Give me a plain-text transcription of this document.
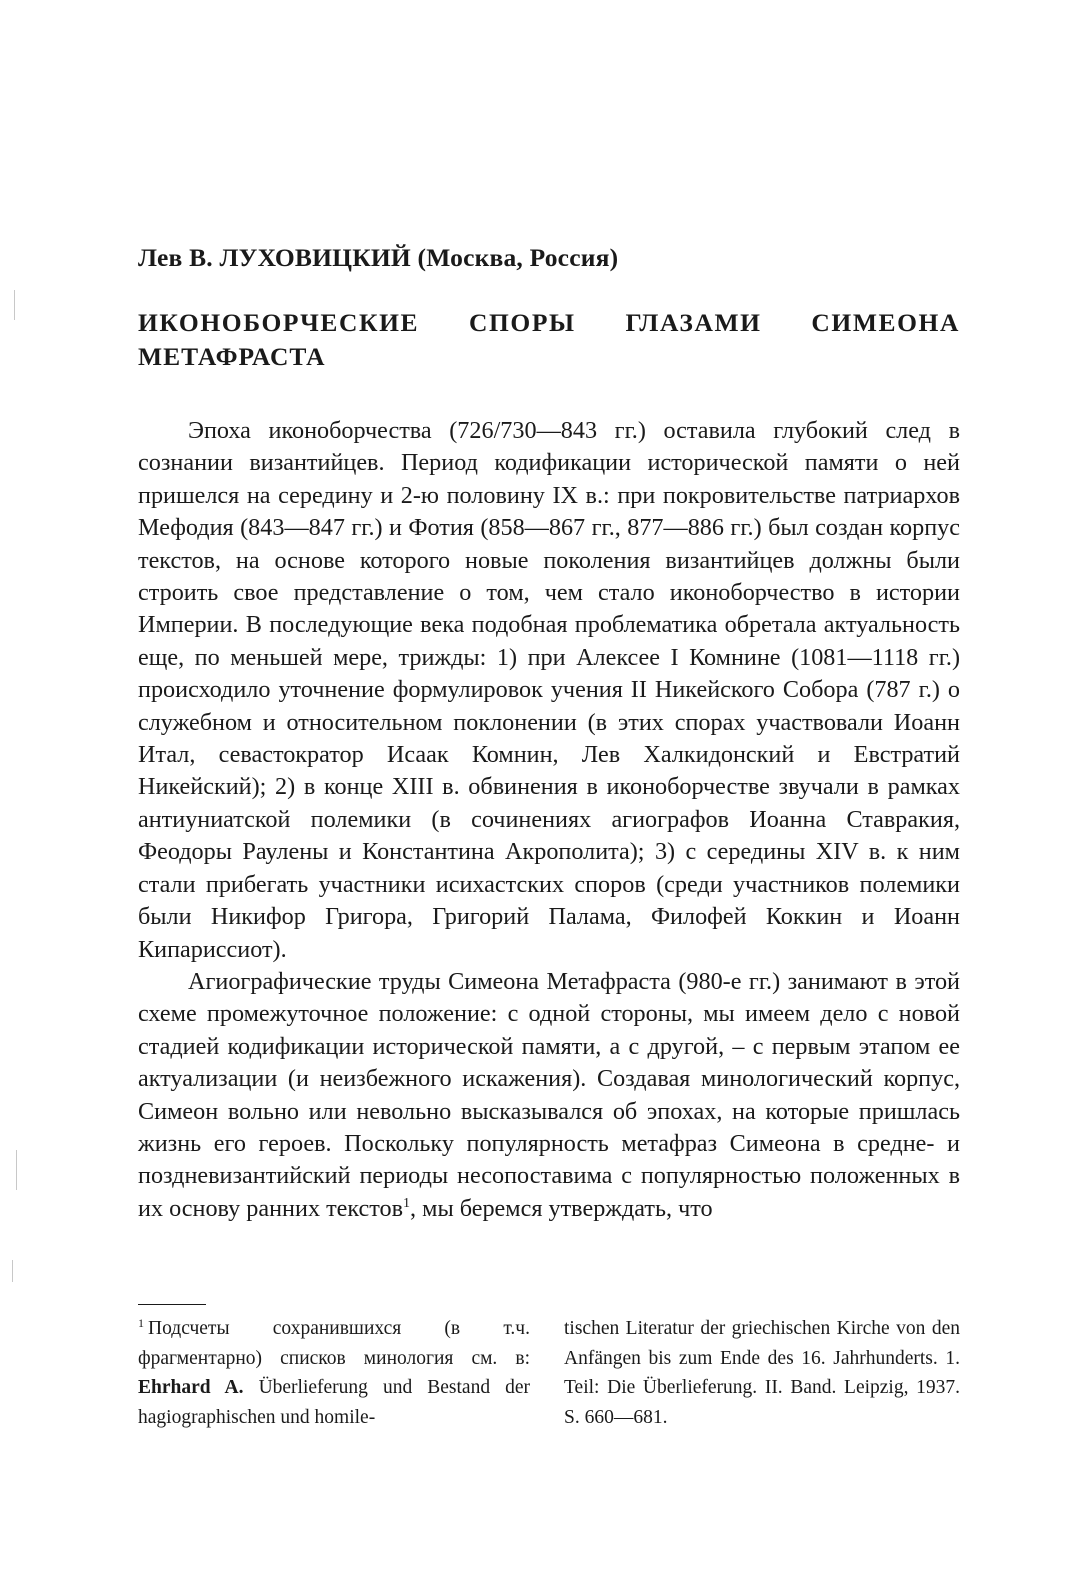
Лев В. ЛУХОВИЦКИЙ (Москва, Россия)
ИКОНОБОРЧЕСКИЕ СПОРЫ ГЛАЗАМИ СИМЕОНА
МЕТАФРАСТА

Эпоха иконоборчества (726/730—843 гг.) оставила глубокий след в сознании византийцев. Период кодификации исторической памяти о ней пришелся на середину и 2-ю половину IX в.: при покровительстве патриархов Мефодия (843—847 гг.) и Фотия (858—867 гг., 877—886 гг.) был создан корпус текстов, на основе которого новые поколения византийцев должны были строить свое представление о том, чем стало иконоборчество в истории Империи. В последующие века подобная проблематика обретала актуальность еще, по меньшей мере, трижды: 1) при Алексее I Комнине (1081—1118 гг.) происходило уточнение формулировок учения II Никейского Собора (787 г.) о служебном и относительном поклонении (в этих спорах участвовали Иоанн Итал, севастократор Исаак Комнин, Лев Халкидонский и Евстратий Никейский); 2) в конце XIII в. обвинения в иконоборчестве звучали в рамках антиуниатской полемики (в сочинениях агиографов Иоанна Ставракия, Феодоры Раулены и Константина Акрополита); 3) с середины XIV в. к ним стали прибегать участники исихастских споров (среди участников полемики были Никифор Григора, Григорий Палама, Филофей Коккин и Иоанн Кипариссиот).

Агиографические труды Симеона Метафраста (980-е гг.) занимают в этой схеме промежуточное положение: с одной стороны, мы имеем дело с новой стадией кодификации исторической памяти, а с другой, – с первым этапом ее актуализации (и неизбежного искажения). Создавая минологический корпус, Симеон вольно или невольно высказывался об эпохах, на которые пришлась жизнь его героев. Поскольку популярность метафраз Симеона в средне- и поздневизантийский периоды несопоставима с популярностью положенных в их основу ранних текстов$^1$, мы беремся утверждать, что

$^1$ Подсчеты сохранившихся (в т.ч. фрагментарно) списков минология см. в: Ehrhard A. Überlieferung und Bestand der hagiographischen und homile-
tischen Literatur der griechischen Kirche von den Anfängen bis zum Ende des 16. Jahrhunderts. 1. Teil: Die Überlieferung. II. Band. Leipzig, 1937. S. 660—681.
